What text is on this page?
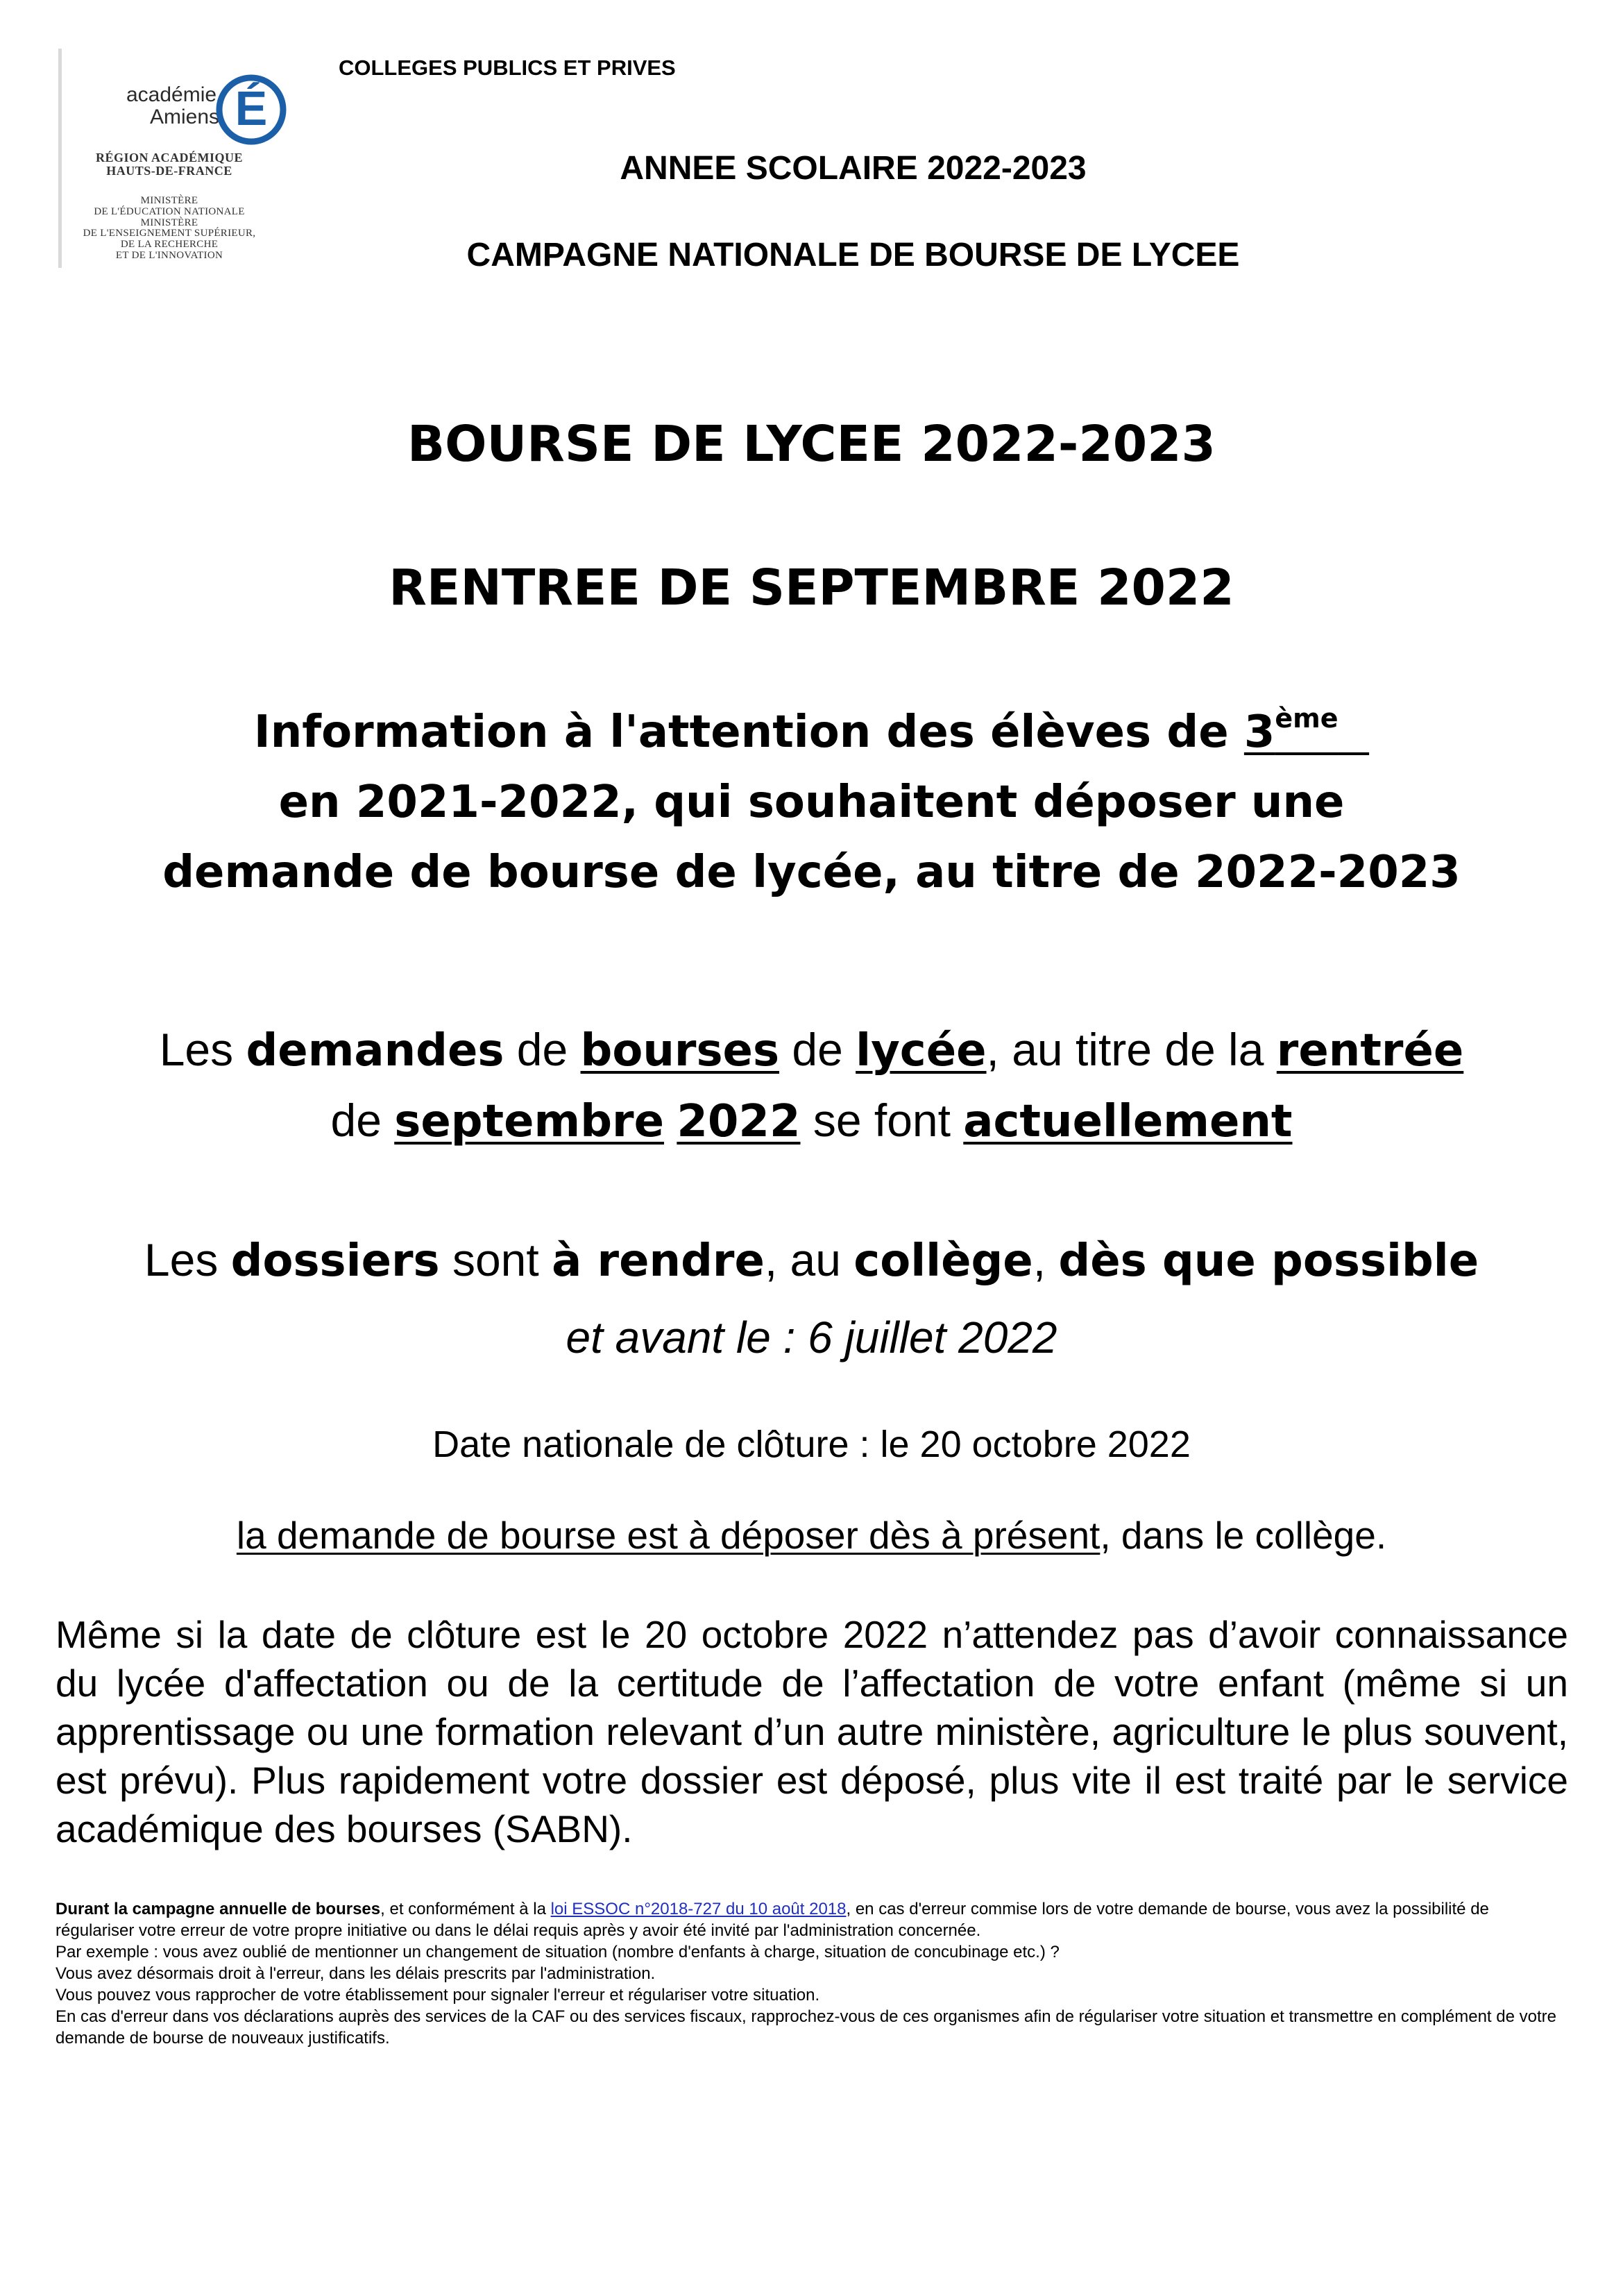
académie
Amiens É
RÉGION ACADÉMIQUE
HAUTS-DE-FRANCE
MINISTÈRE
DE L'ÉDUCATION NATIONALE
MINISTÈRE
DE L'ENSEIGNEMENT SUPÉRIEUR,
DE LA RECHERCHE
ET DE L'INNOVATION
COLLEGES PUBLICS ET PRIVES
ANNEE SCOLAIRE 2022-2023
CAMPAGNE NATIONALE DE BOURSE DE LYCEE
BOURSE DE LYCEE 2022-2023
RENTREE DE SEPTEMBRE 2022
Information à l'attention des élèves de 3ème
en 2021-2022, qui souhaitent déposer une
demande de bourse de lycée, au titre de 2022-2023
Les demandes de bourses de lycée, au titre de la rentrée
de septembre 2022 se font actuellement
Les dossiers sont à rendre, au collège, dès que possible
et avant le : 6 juillet 2022
Date nationale de clôture : le 20 octobre 2022
la demande de bourse est à déposer dès à présent, dans le collège.
Même si la date de clôture est le 20 octobre 2022 n’attendez pas d’avoir connaissance du lycée d'affectation ou de la certitude de l’affectation de votre enfant (même si un apprentissage ou une formation relevant d’un autre ministère, agriculture le plus souvent, est prévu). Plus rapidement votre dossier est déposé, plus vite il est traité par le service académique des bourses (SABN).

Durant la campagne annuelle de bourses, et conformément à la loi ESSOC n°2018-727 du 10 août 2018, en cas d'erreur commise lors de votre demande de bourse, vous avez la possibilité de régulariser votre erreur de votre propre initiative ou dans le délai requis après y avoir été invité par l'administration concernée.

Par exemple : vous avez oublié de mentionner un changement de situation (nombre d'enfants à charge, situation de concubinage etc.) ?

Vous avez désormais droit à l'erreur, dans les délais prescrits par l'administration.

Vous pouvez vous rapprocher de votre établissement pour signaler l'erreur et régulariser votre situation.

En cas d'erreur dans vos déclarations auprès des services de la CAF ou des services fiscaux, rapprochez-vous de ces organismes afin de régulariser votre situation et transmettre en complément de votre demande de bourse de nouveaux justificatifs.
